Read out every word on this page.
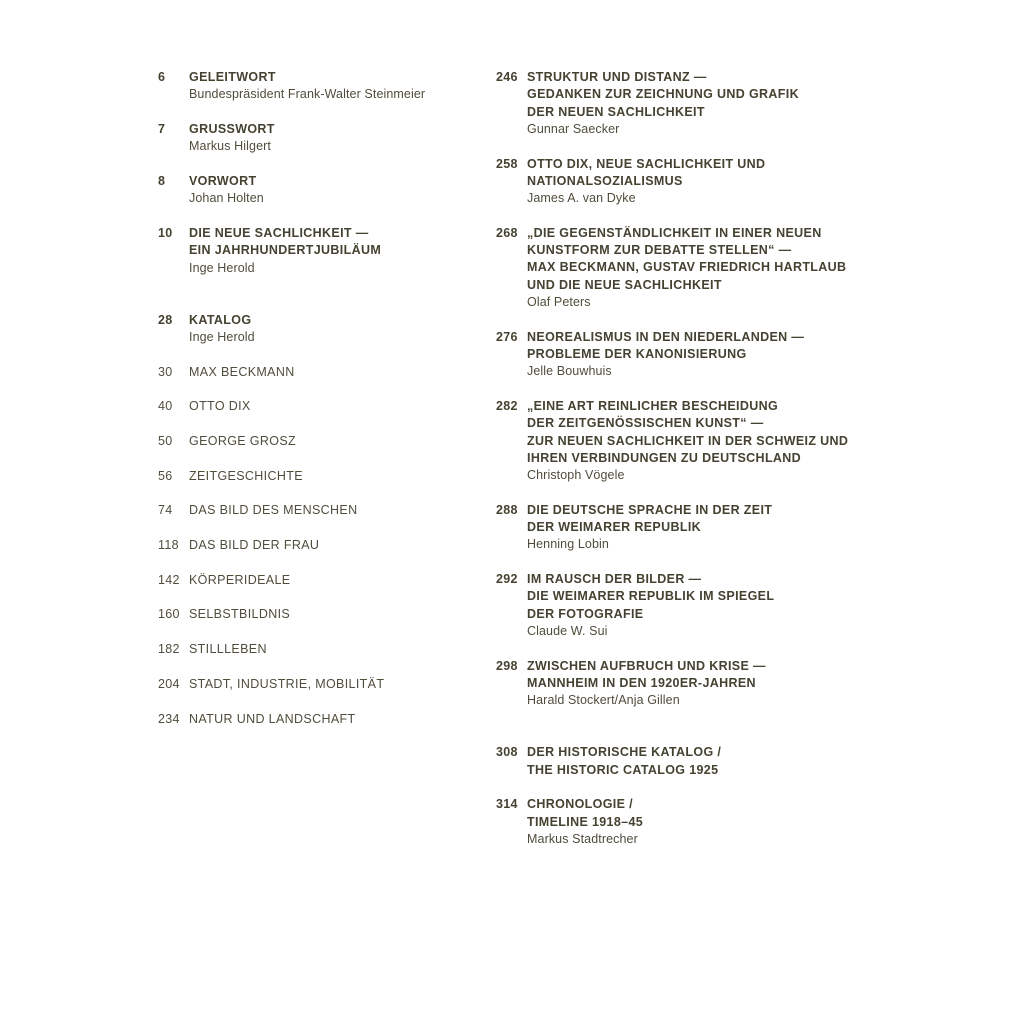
6	GELEITWORT
Bundespräsident Frank-Walter Steinmeier
7	GRUSSWORT
Markus Hilgert
8	VORWORT
Johan Holten
10	DIE NEUE SACHLICHKEIT —
EIN JAHRHUNDERTJUBILÄUM
Inge Herold
28	KATALOG
Inge Herold
30	MAX BECKMANN
40	OTTO DIX
50	GEORGE GROSZ
56	ZEITGESCHICHTE
74	DAS BILD DES MENSCHEN
118 DAS BILD DER FRAU
142 KÖRPERIDEALE
160 SELBSTBILDNIS
182 STILLLEBEN
204 STADT, INDUSTRIE, MOBILITÄT
234 NATUR UND LANDSCHAFT
246 STRUKTUR UND DISTANZ —
GEDANKEN ZUR ZEICHNUNG UND GRAFIK
DER NEUEN SACHLICHKEIT
Gunnar Saecker
258 OTTO DIX, NEUE SACHLICHKEIT UND
NATIONALSOZIALISMUS
James A. van Dyke
268 „DIE GEGENSTÄNDLICHKEIT IN EINER NEUEN
KUNSTFORM ZUR DEBATTE STELLEN“ —
MAX BECKMANN, GUSTAV FRIEDRICH HARTLAUB
UND DIE NEUE SACHLICHKEIT
Olaf Peters
276 NEOREALISMUS IN DEN NIEDERLANDEN —
PROBLEME DER KANONISIERUNG
Jelle Bouwhuis
282 „EINE ART REINLICHER BESCHEIDUNG
DER ZEITGENÖSSISCHEN KUNST“ —
ZUR NEUEN SACHLICHKEIT IN DER SCHWEIZ UND
IHREN VERBINDUNGEN ZU DEUTSCHLAND
Christoph Vögele
288 DIE DEUTSCHE SPRACHE IN DER ZEIT
DER WEIMARER REPUBLIK
Henning Lobin
292 IM RAUSCH DER BILDER —
DIE WEIMARER REPUBLIK IM SPIEGEL
DER FOTOGRAFIE
Claude W. Sui
298 ZWISCHEN AUFBRUCH UND KRISE —
MANNHEIM IN DEN 1920ER-JAHREN
Harald Stockert/Anja Gillen
308 DER HISTORISCHE KATALOG /
THE HISTORIC CATALOG 1925
314 CHRONOLOGIE /
TIMELINE 1918–45
Markus Stadtrecher
